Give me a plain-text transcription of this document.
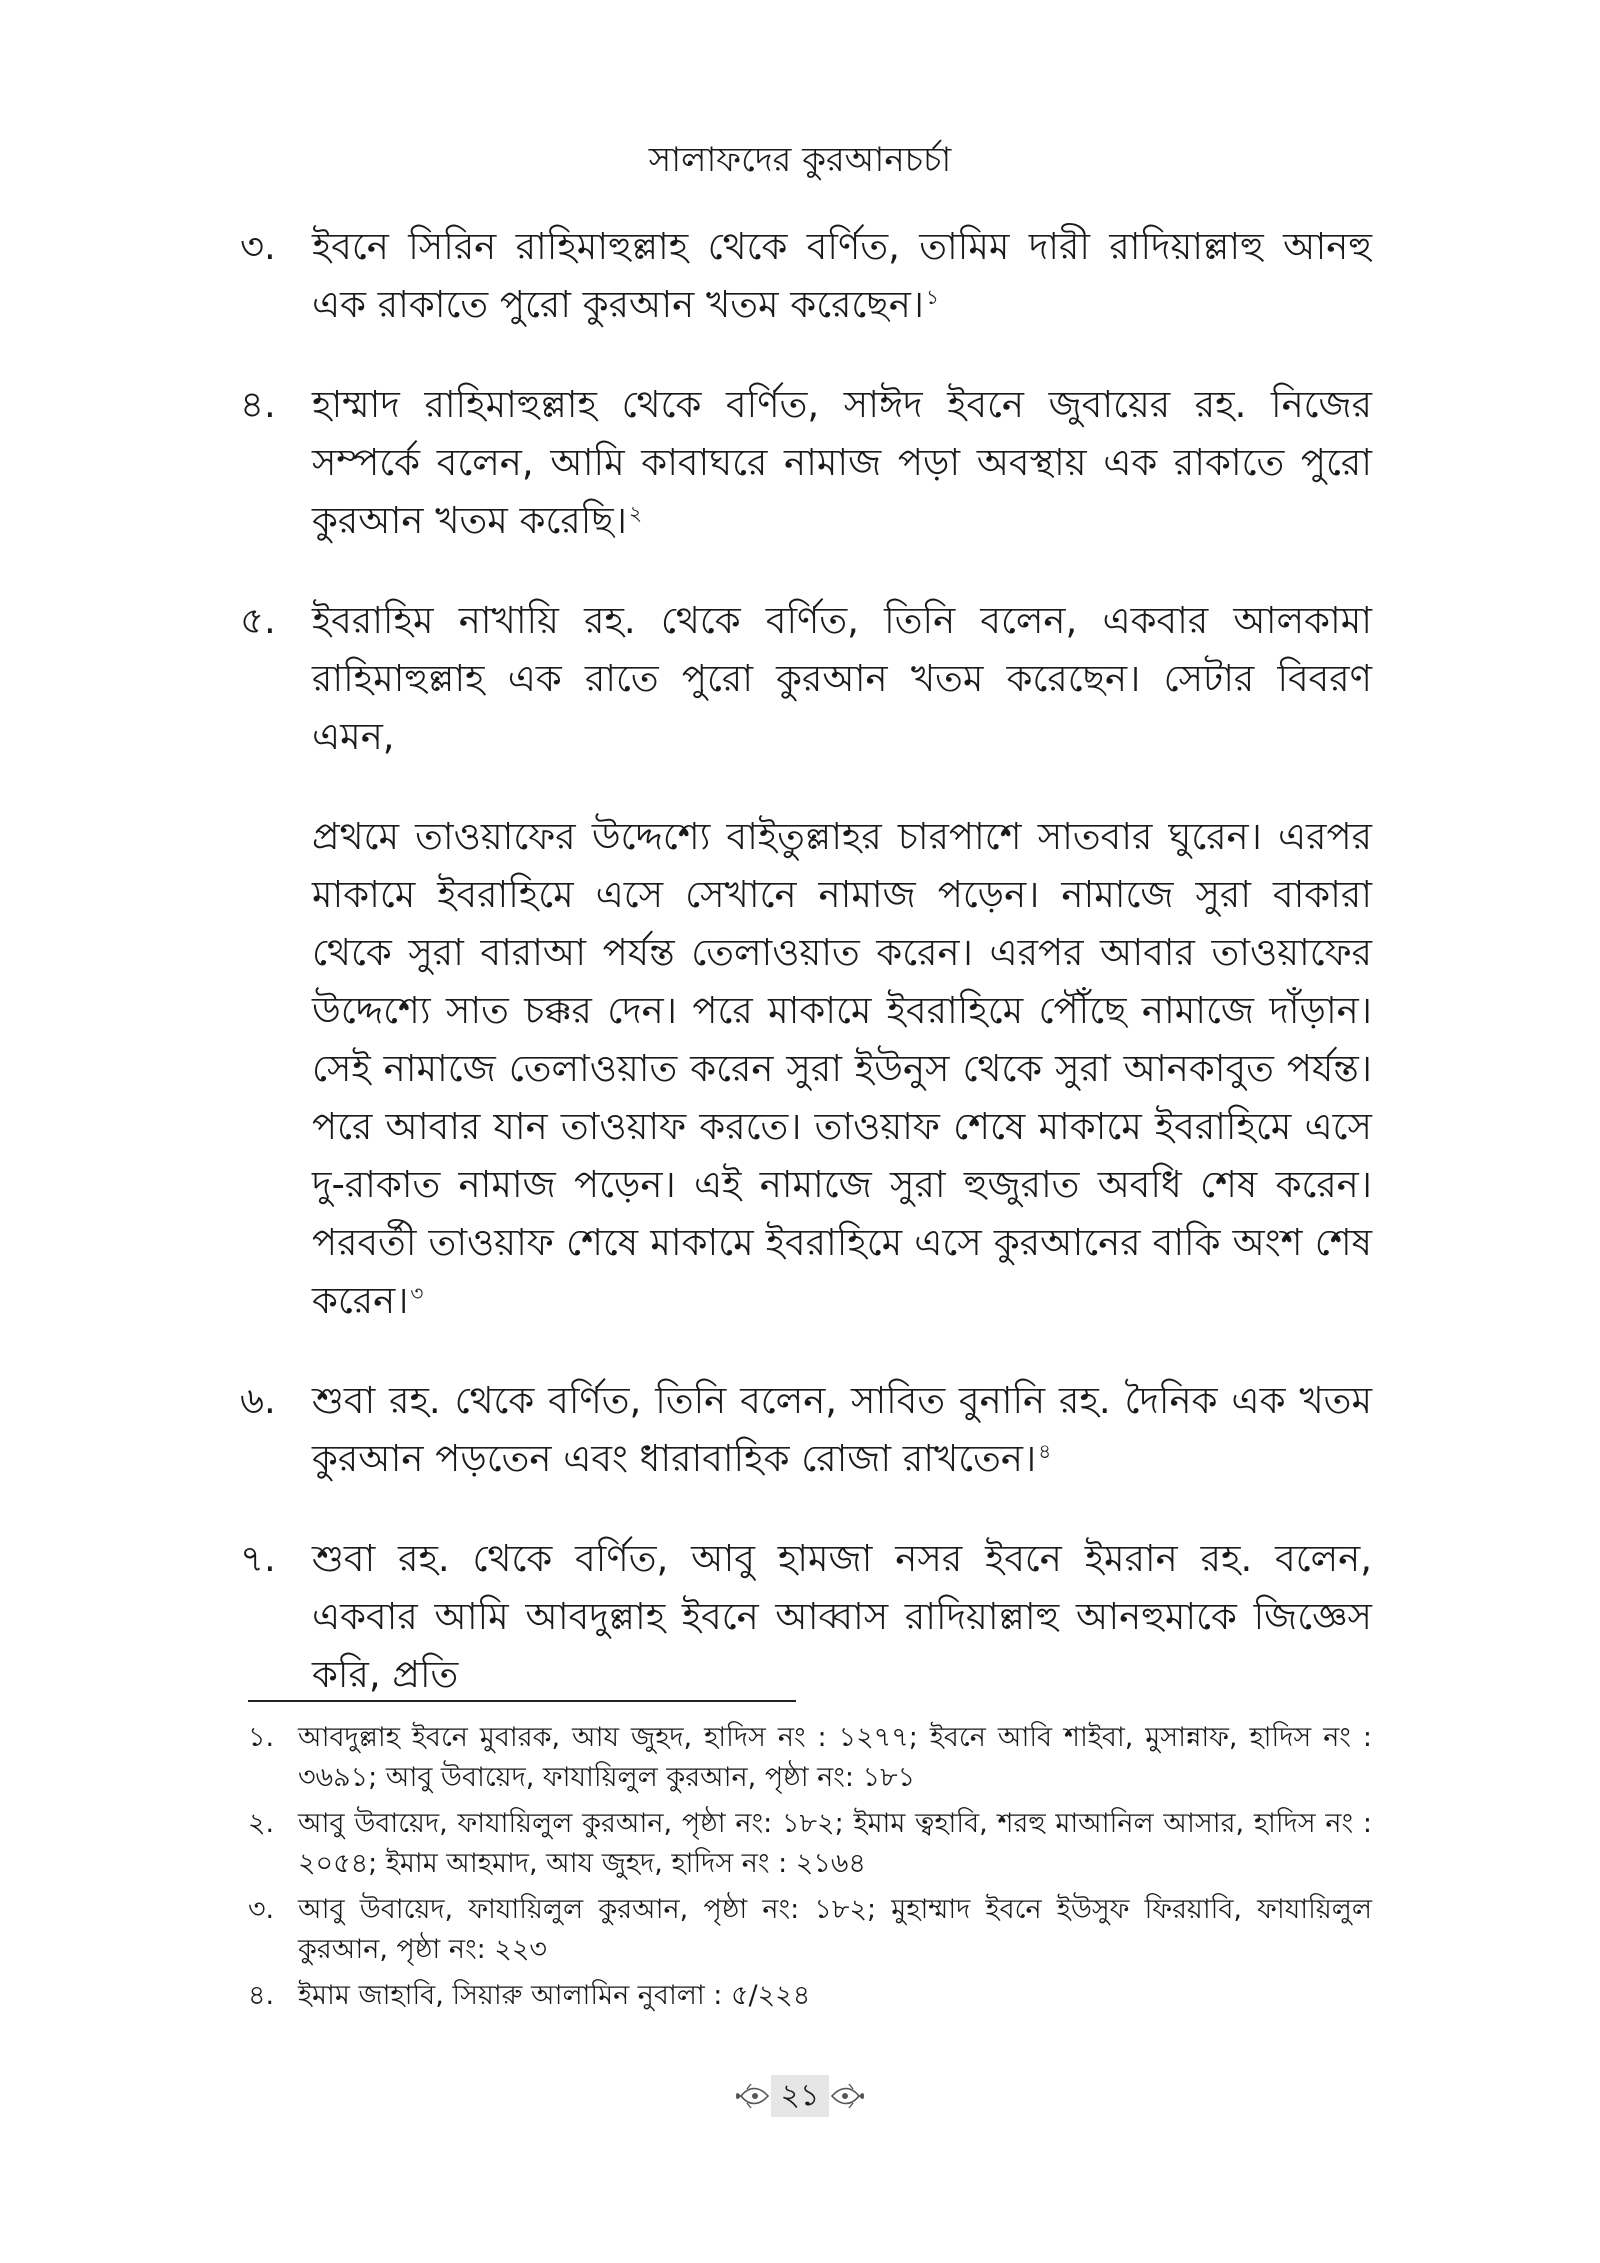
সালাফদের কুরআনচর্চা
৩. ইবনে সিরিন রাহিমাহুল্লাহ থেকে বর্ণিত, তামিম দারী রাদিয়াল্লাহু আনহু এক রাকাতে পুরো কুরআন খতম করেছেন। $^১$

৪. হাম্মাদ রাহিমাহুল্লাহ থেকে বর্ণিত, সাঈদ ইবনে জুবায়ের রহ. নিজের সম্পর্কে বলেন, আমি কাবাঘরে নামাজ পড়া অবস্থায় এক রাকাতে পুরো কুরআন খতম করেছি। $^২$

৫. ইবরাহিম নাখায়ি রহ. থেকে বর্ণিত, তিনি বলেন, একবার আলকামা রাহিমাহুল্লাহ এক রাতে পুরো কুরআন খতম করেছেন। সেটার বিবরণ এমন,

প্রথমে তাওয়াফের উদ্দেশ্যে বাইতুল্লাহর চারপাশে সাতবার ঘুরেন। এরপর মাকামে ইবরাহিমে এসে সেখানে নামাজ পড়েন। নামাজে সুরা বাকারা থেকে সুরা বারাআ পর্যন্ত তেলাওয়াত করেন। এরপর আবার তাওয়াফের উদ্দেশ্যে সাত চক্কর দেন। পরে মাকামে ইবরাহিমে পৌঁছে নামাজে দাঁড়ান। সেই নামাজে তেলাওয়াত করেন সুরা ইউনুস থেকে সুরা আনকাবুত পর্যন্ত। পরে আবার যান তাওয়াফ করতে। তাওয়াফ শেষে মাকামে ইবরাহিমে এসে দু-রাকাত নামাজ পড়েন। এই নামাজে সুরা হুজুরাত অবধি শেষ করেন। পরবর্তী তাওয়াফ শেষে মাকামে ইবরাহিমে এসে কুরআনের বাকি অংশ শেষ করেন। $^৩$

৬. শুবা রহ. থেকে বর্ণিত, তিনি বলেন, সাবিত বুনানি রহ. দৈনিক এক খতম কুরআন পড়তেন এবং ধারাবাহিক রোজা রাখতেন। $^৪$

৭. শুবা রহ. থেকে বর্ণিত, আবু হামজা নসর ইবনে ইমরান রহ. বলেন, একবার আমি আবদুল্লাহ ইবনে আব্বাস রাদিয়াল্লাহু আনহুমাকে জিজ্ঞেস করি, প্রতি

১. আবদুল্লাহ ইবনে মুবারক, আয জুহদ, হাদিস নং : ১২৭৭; ইবনে আবি শাইবা, মুসান্নাফ, হাদিস নং : ৩৬৯১; আবু উবায়েদ, ফাযায়িলুল কুরআন, পৃষ্ঠা নং: ১৮১
২. আবু উবায়েদ, ফাযায়িলুল কুরআন, পৃষ্ঠা নং: ১৮২; ইমাম ত্বহাবি, শরহু মাআনিল আসার, হাদিস নং : ২০৫৪; ইমাম আহমাদ, আয জুহদ, হাদিস নং : ২১৬৪
৩. আবু উবায়েদ, ফাযায়িলুল কুরআন, পৃষ্ঠা নং: ১৮২; মুহাম্মাদ ইবনে ইউসুফ ফিরয়াবি, ফাযায়িলুল কুরআন, পৃষ্ঠা নং: ২২৩
৪. ইমাম জাহাবি, সিয়ারু আলামিন নুবালা : ৫/২২৪
২১
